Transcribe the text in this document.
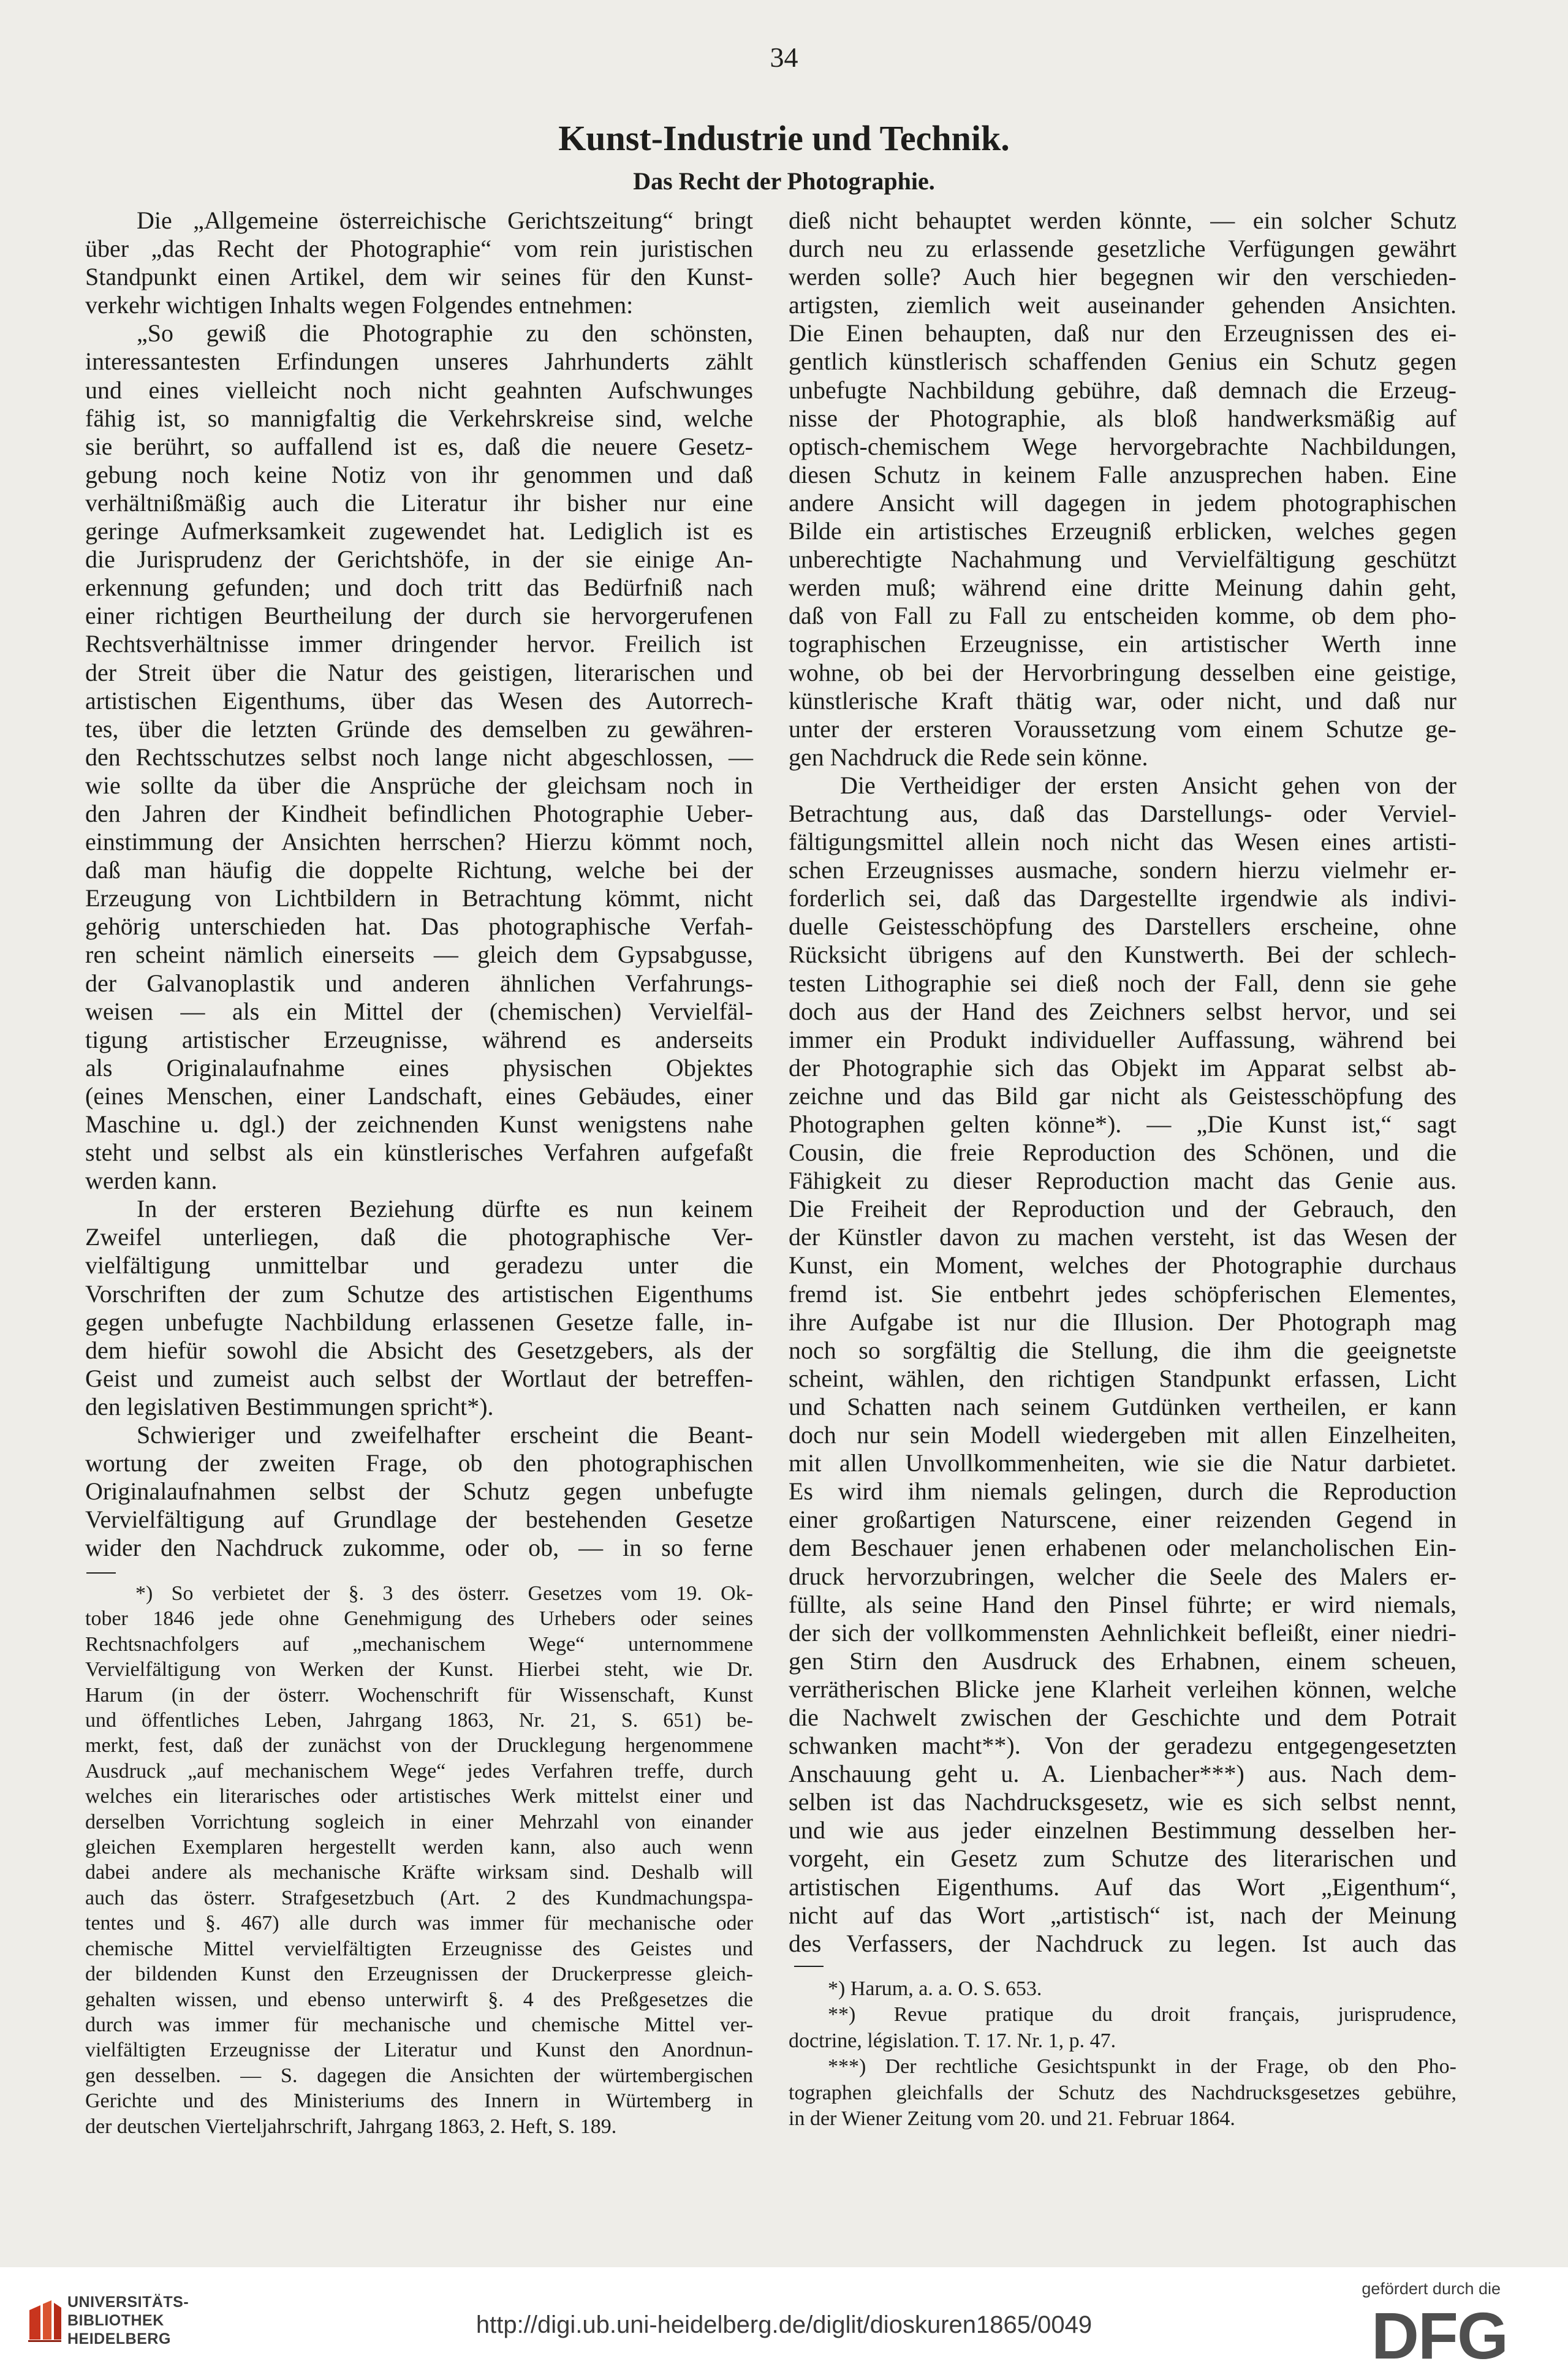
34
Kunst-Industrie und Technik.
Das Recht der Photographie.
Die „Allgemeine österreichische Gerichtszeitung“ bringt
über „das Recht der Photographie“ vom rein juristischen
Standpunkt einen Artikel, dem wir seines für den Kunst-
verkehr wichtigen Inhalts wegen Folgendes entnehmen:
„So gewiß die Photographie zu den schönsten,
interessantesten Erfindungen unseres Jahrhunderts zählt
und eines vielleicht noch nicht geahnten Aufschwunges
fähig ist, so mannigfaltig die Verkehrskreise sind, welche
sie berührt, so auffallend ist es, daß die neuere Gesetz-
gebung noch keine Notiz von ihr genommen und daß
verhältnißmäßig auch die Literatur ihr bisher nur eine
geringe Aufmerksamkeit zugewendet hat. Lediglich ist es
die Jurisprudenz der Gerichtshöfe, in der sie einige An-
erkennung gefunden; und doch tritt das Bedürfniß nach
einer richtigen Beurtheilung der durch sie hervorgerufenen
Rechtsverhältnisse immer dringender hervor. Freilich ist
der Streit über die Natur des geistigen, literarischen und
artistischen Eigenthums, über das Wesen des Autorrech-
tes, über die letzten Gründe des demselben zu gewähren-
den Rechtsschutzes selbst noch lange nicht abgeschlossen, —
wie sollte da über die Ansprüche der gleichsam noch in
den Jahren der Kindheit befindlichen Photographie Ueber-
einstimmung der Ansichten herrschen? Hierzu kömmt noch,
daß man häufig die doppelte Richtung, welche bei der
Erzeugung von Lichtbildern in Betrachtung kömmt, nicht
gehörig unterschieden hat. Das photographische Verfah-
ren scheint nämlich einerseits — gleich dem Gypsabgusse,
der Galvanoplastik und anderen ähnlichen Verfahrungs-
weisen — als ein Mittel der (chemischen) Vervielfäl-
tigung artistischer Erzeugnisse, während es anderseits
als Originalaufnahme eines physischen Objektes
(eines Menschen, einer Landschaft, eines Gebäudes, einer
Maschine u. dgl.) der zeichnenden Kunst wenigstens nahe
steht und selbst als ein künstlerisches Verfahren aufgefaßt
werden kann.
In der ersteren Beziehung dürfte es nun keinem
Zweifel unterliegen, daß die photographische Ver-
vielfältigung unmittelbar und geradezu unter die
Vorschriften der zum Schutze des artistischen Eigenthums
gegen unbefugte Nachbildung erlassenen Gesetze falle, in-
dem hiefür sowohl die Absicht des Gesetzgebers, als der
Geist und zumeist auch selbst der Wortlaut der betreffen-
den legislativen Bestimmungen spricht*).
Schwieriger und zweifelhafter erscheint die Beant-
wortung der zweiten Frage, ob den photographischen
Originalaufnahmen selbst der Schutz gegen unbefugte
Vervielfältigung auf Grundlage der bestehenden Gesetze
wider den Nachdruck zukomme, oder ob, — in so ferne
*) So verbietet der §. 3 des österr. Gesetzes vom 19. Ok-
tober 1846 jede ohne Genehmigung des Urhebers oder seines
Rechtsnachfolgers auf „mechanischem Wege“ unternommene
Vervielfältigung von Werken der Kunst. Hierbei steht, wie Dr.
Harum (in der österr. Wochenschrift für Wissenschaft, Kunst
und öffentliches Leben, Jahrgang 1863, Nr. 21, S. 651) be-
merkt, fest, daß der zunächst von der Drucklegung hergenommene
Ausdruck „auf mechanischem Wege“ jedes Verfahren treffe, durch
welches ein literarisches oder artistisches Werk mittelst einer und
derselben Vorrichtung sogleich in einer Mehrzahl von einander
gleichen Exemplaren hergestellt werden kann, also auch wenn
dabei andere als mechanische Kräfte wirksam sind. Deshalb will
auch das österr. Strafgesetzbuch (Art. 2 des Kundmachungspa-
tentes und §. 467) alle durch was immer für mechanische oder
chemische Mittel vervielfältigten Erzeugnisse des Geistes und
der bildenden Kunst den Erzeugnissen der Druckerpresse gleich-
gehalten wissen, und ebenso unterwirft §. 4 des Preßgesetzes die
durch was immer für mechanische und chemische Mittel ver-
vielfältigten Erzeugnisse der Literatur und Kunst den Anordnun-
gen desselben. — S. dagegen die Ansichten der würtembergischen
Gerichte und des Ministeriums des Innern in Würtemberg in
der deutschen Vierteljahrschrift, Jahrgang 1863, 2. Heft, S. 189.
dieß nicht behauptet werden könnte, — ein solcher Schutz
durch neu zu erlassende gesetzliche Verfügungen gewährt
werden solle? Auch hier begegnen wir den verschieden-
artigsten, ziemlich weit auseinander gehenden Ansichten.
Die Einen behaupten, daß nur den Erzeugnissen des ei-
gentlich künstlerisch schaffenden Genius ein Schutz gegen
unbefugte Nachbildung gebühre, daß demnach die Erzeug-
nisse der Photographie, als bloß handwerksmäßig auf
optisch-chemischem Wege hervorgebrachte Nachbildungen,
diesen Schutz in keinem Falle anzusprechen haben. Eine
andere Ansicht will dagegen in jedem photographischen
Bilde ein artistisches Erzeugniß erblicken, welches gegen
unberechtigte Nachahmung und Vervielfältigung geschützt
werden muß; während eine dritte Meinung dahin geht,
daß von Fall zu Fall zu entscheiden komme, ob dem pho-
tographischen Erzeugnisse, ein artistischer Werth inne
wohne, ob bei der Hervorbringung desselben eine geistige,
künstlerische Kraft thätig war, oder nicht, und daß nur
unter der ersteren Voraussetzung vom einem Schutze ge-
gen Nachdruck die Rede sein könne.
Die Vertheidiger der ersten Ansicht gehen von der
Betrachtung aus, daß das Darstellungs- oder Verviel-
fältigungsmittel allein noch nicht das Wesen eines artisti-
schen Erzeugnisses ausmache, sondern hierzu vielmehr er-
forderlich sei, daß das Dargestellte irgendwie als indivi-
duelle Geistesschöpfung des Darstellers erscheine, ohne
Rücksicht übrigens auf den Kunstwerth. Bei der schlech-
testen Lithographie sei dieß noch der Fall, denn sie gehe
doch aus der Hand des Zeichners selbst hervor, und sei
immer ein Produkt individueller Auffassung, während bei
der Photographie sich das Objekt im Apparat selbst ab-
zeichne und das Bild gar nicht als Geistesschöpfung des
Photographen gelten könne*). — „Die Kunst ist,“ sagt
Cousin, die freie Reproduction des Schönen, und die
Fähigkeit zu dieser Reproduction macht das Genie aus.
Die Freiheit der Reproduction und der Gebrauch, den
der Künstler davon zu machen versteht, ist das Wesen der
Kunst, ein Moment, welches der Photographie durchaus
fremd ist. Sie entbehrt jedes schöpferischen Elementes,
ihre Aufgabe ist nur die Illusion. Der Photograph mag
noch so sorgfältig die Stellung, die ihm die geeignetste
scheint, wählen, den richtigen Standpunkt erfassen, Licht
und Schatten nach seinem Gutdünken vertheilen, er kann
doch nur sein Modell wiedergeben mit allen Einzelheiten,
mit allen Unvollkommenheiten, wie sie die Natur darbietet.
Es wird ihm niemals gelingen, durch die Reproduction
einer großartigen Naturscene, einer reizenden Gegend in
dem Beschauer jenen erhabenen oder melancholischen Ein-
druck hervorzubringen, welcher die Seele des Malers er-
füllte, als seine Hand den Pinsel führte; er wird niemals,
der sich der vollkommensten Aehnlichkeit befleißt, einer niedri-
gen Stirn den Ausdruck des Erhabnen, einem scheuen,
verrätherischen Blicke jene Klarheit verleihen können, welche
die Nachwelt zwischen der Geschichte und dem Potrait
schwanken macht**). Von der geradezu entgegengesetzten
Anschauung geht u. A. Lienbacher***) aus. Nach dem-
selben ist das Nachdrucksgesetz, wie es sich selbst nennt,
und wie aus jeder einzelnen Bestimmung desselben her-
vorgeht, ein Gesetz zum Schutze des literarischen und
artistischen Eigenthums. Auf das Wort „Eigenthum“,
nicht auf das Wort „artistisch“ ist, nach der Meinung
des Verfassers, der Nachdruck zu legen. Ist auch das
*) Harum, a. a. O. S. 653.
**) Revue pratique du droit français, jurisprudence,
doctrine, législation. T. 17. Nr. 1, p. 47.
***) Der rechtliche Gesichtspunkt in der Frage, ob den Pho-
tographen gleichfalls der Schutz des Nachdrucksgesetzes gebühre,
in der Wiener Zeitung vom 20. und 21. Februar 1864.
UNIVERSITÄTS-
BIBLIOTHEK
HEIDELBERG
http://digi.ub.uni-heidelberg.de/diglit/dioskuren1865/0049
gefördert durch die
DFG
